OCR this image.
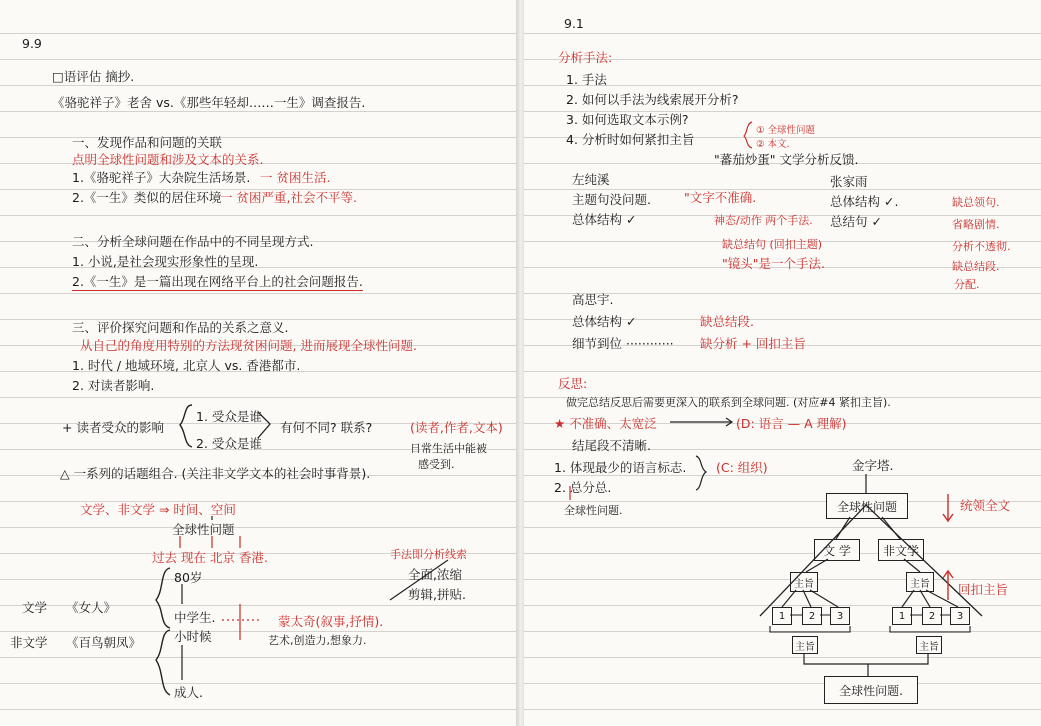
9.9
□语评估 摘抄.
《骆驼祥子》老舍 vs.《那些年轻却……一生》调查报告.
一、发现作品和问题的关联
点明全球性问题和涉及文本的关系.
1.《骆驼祥子》大杂院生活场景. 一 贫困生活.
2.《一生》类似的居住环境
一 贫困严重,社会不平等.
二、分析全球问题在作品中的不同呈现方式.
1. 小说,是社会现实形象性的呈现.
2.《一生》是一篇出现在网络平台上的社会问题报告.
三、评价探究问题和作品的关系之意义.
从自己的角度用特别的方法现贫困问题, 进而展现全球性问题.
1. 时代 / 地域环境, 北京人 vs. 香港都市.
2. 对读者影响.
+ 读者受众的影响
1. 受众是谁
2. 受众是谁
有何不同? 联系?	(读者,作者,文本)
日常生活中能被
感受到.
△ 一系列的话题组合. (关注非文学文本的社会时事背景).
文学、非文学 ⇒ 时间、空间
全球性问题
过去 现在 北京 香港.	手法即分析线索
全面,浓缩
剪辑,拼贴.
文学 《女人》
非文学 《百鸟朝凤》
80岁
中学生.
小时候
成人.
蒙太奇(叙事,抒情).
艺术,创造力,想象力.
9.1
分析手法:
1. 手法
2. 如何以手法为线索展开分析?
3. 如何选取文本示例?
4. 分析时如何紧扣主旨
① 全球性问题
② 本文.
"蕃茄炒蛋" 文学分析反馈.
左纯溪
主题句没问题.
总体结构 ✓
"文字不准确.
神态/动作 两个手法.
缺总结句 (回扣主题)
"镜头"是一个手法.
张家雨
总体结构 ✓.
总结句 ✓
缺总领句.
省略剧情.
分析不透彻.
缺总结段.
分配.
高思宇.
总体结构 ✓	缺总结段.
细节到位 ············ 缺分析 + 回扣主旨
反思:
做完总结反思后需要更深入的联系到全球问题. (对应#4 紧扣主旨).
★ 不准确、太宽泛	(D: 语言 — A 理解)
结尾段不清晰.
1. 体现最少的语言标志. (C: 组织)
2. 总分总.
全球性问题.
金字塔.
全球性问题
文 学	非文学
主旨	主旨
1	2	3	1	2	3
主旨	主旨
全球性问题.
统领全文
回扣主旨
